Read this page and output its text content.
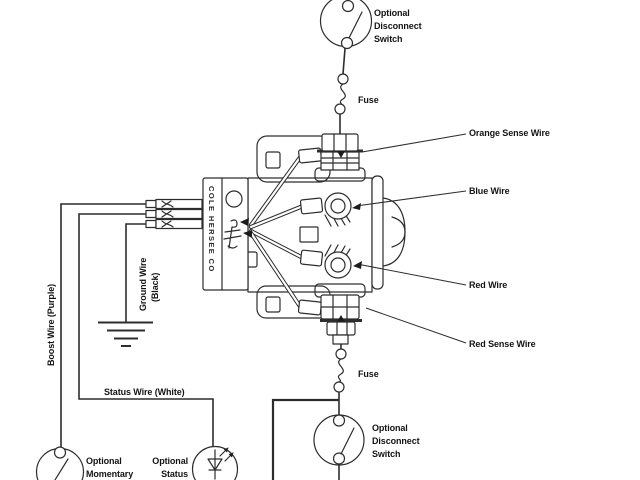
COLE HERSEE CO
Optional
Disconnect
Switch
Fuse
Orange Sense Wire
Blue Wire
Red Wire
Red Sense Wire
Fuse
Optional
Disconnect
Switch
Boost Wire (Purple)	Ground Wire (Black)
Status Wire (White)
Optional
Momentary
Optional
Status
